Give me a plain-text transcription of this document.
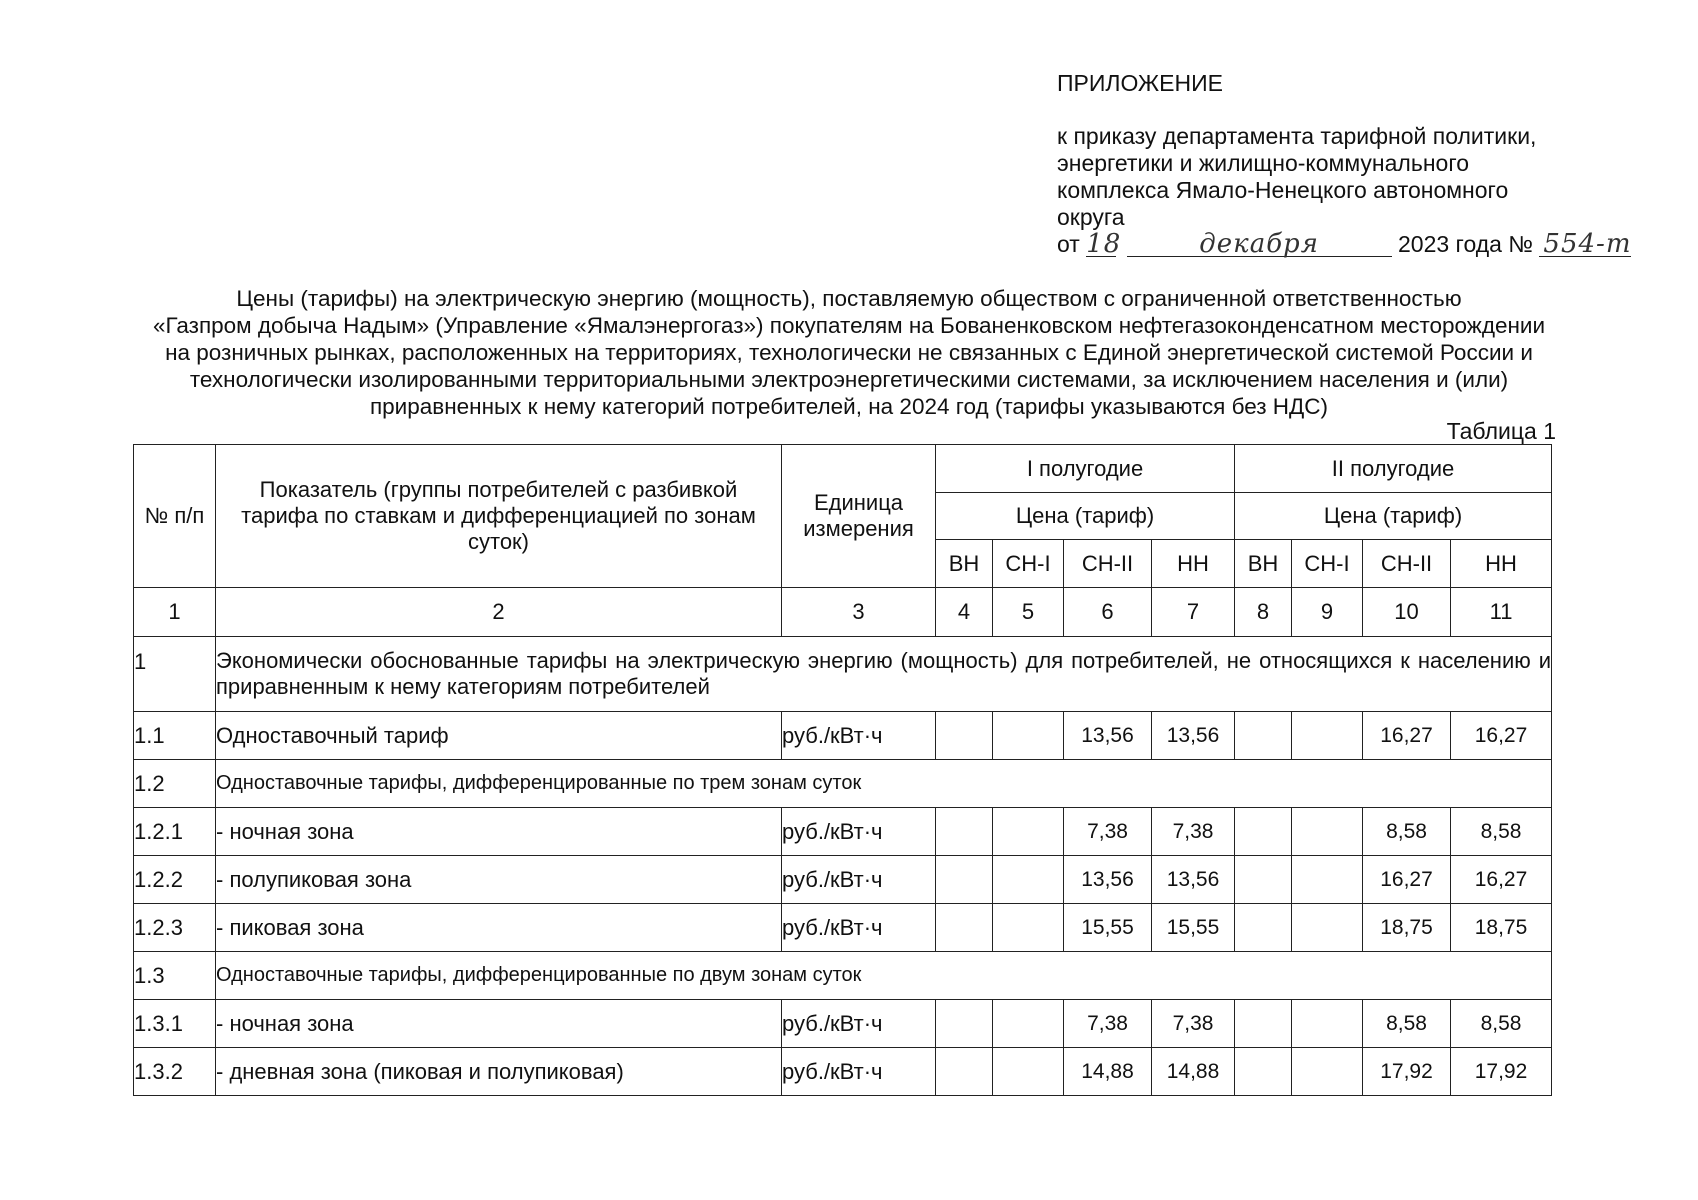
ПРИЛОЖЕНИЕ
к приказу департамента тарифной политики,
энергетики и жилищно-коммунального
комплекса Ямало-Ненецкого автономного
округа
от 18	декабря	2023 года № 554-т
Цены (тарифы) на электрическую энергию (мощность), поставляемую обществом с ограниченной ответственностью
«Газпром добыча Надым» (Управление «Ямалэнергогаз») покупателям на Бованенковском нефтегазоконденсатном месторождении
на розничных рынках, расположенных на территориях, технологически не связанных с Единой энергетической системой России и
технологически изолированными территориальными электроэнергетическими системами, за исключением населения и (или)
приравненных к нему категорий потребителей, на 2024 год (тарифы указываются без НДС)
Таблица 1
№ п/п	Показатель (группы потребителей с разбивкой тарифа по ставкам и дифференциацией по зонам суток)	Единица измерения	I полугодие				II полугодие			
			Цена (тариф)				Цена (тариф)			
			ВН	СН-I	СН-II	НН	ВН	СН-I	СН-II	НН
1	2	3	4	5	6	7	8	9	10	11
1	Экономически обоснованные тарифы на электрическую энергию (мощность) для потребителей, не относящихся к населению и приравненным к нему категориям потребителей									
1.1	Одноставочный тариф	руб./кВт·ч			13,56	13,56			16,27	16,27
1.2	Одноставочные тарифы, дифференцированные по трем зонам суток									
1.2.1	- ночная зона	руб./кВт·ч			7,38	7,38			8,58	8,58
1.2.2	- полупиковая зона	руб./кВт·ч			13,56	13,56			16,27	16,27
1.2.3	- пиковая зона	руб./кВт·ч			15,55	15,55			18,75	18,75
1.3	Одноставочные тарифы, дифференцированные по двум зонам суток									
1.3.1	- ночная зона	руб./кВт·ч			7,38	7,38			8,58	8,58
1.3.2	- дневная зона (пиковая и полупиковая)	руб./кВт·ч			14,88	14,88			17,92	17,92
